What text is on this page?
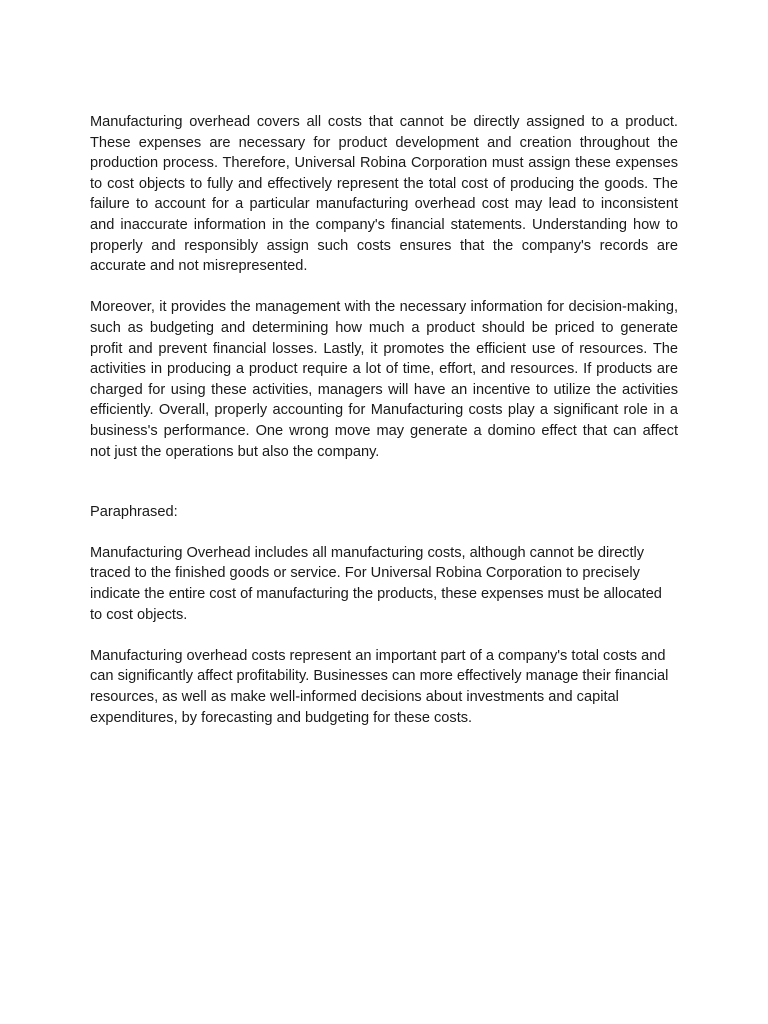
Manufacturing overhead covers all costs that cannot be directly assigned to a product. These expenses are necessary for product development and creation throughout the production process. Therefore, Universal Robina Corporation must assign these expenses to cost objects to fully and effectively represent the total cost of producing the goods. The failure to account for a particular manufacturing overhead cost may lead to inconsistent and inaccurate information in the company's financial statements. Understanding how to properly and responsibly assign such costs ensures that the company's records are accurate and not misrepresented.

Moreover, it provides the management with the necessary information for decision-making, such as budgeting and determining how much a product should be priced to generate profit and prevent financial losses. Lastly, it promotes the efficient use of resources. The activities in producing a product require a lot of time, effort, and resources. If products are charged for using these activities, managers will have an incentive to utilize the activities efficiently. Overall, properly accounting for Manufacturing costs play a significant role in a business's performance. One wrong move may generate a domino effect that can affect not just the operations but also the company.

Paraphrased:

Manufacturing Overhead includes all manufacturing costs, although cannot be directly traced to the finished goods or service. For Universal Robina Corporation to precisely indicate the entire cost of manufacturing the products, these expenses must be allocated to cost objects.

Manufacturing overhead costs represent an important part of a company's total costs and can significantly affect profitability. Businesses can more effectively manage their financial resources, as well as make well-informed decisions about investments and capital expenditures, by forecasting and budgeting for these costs.
